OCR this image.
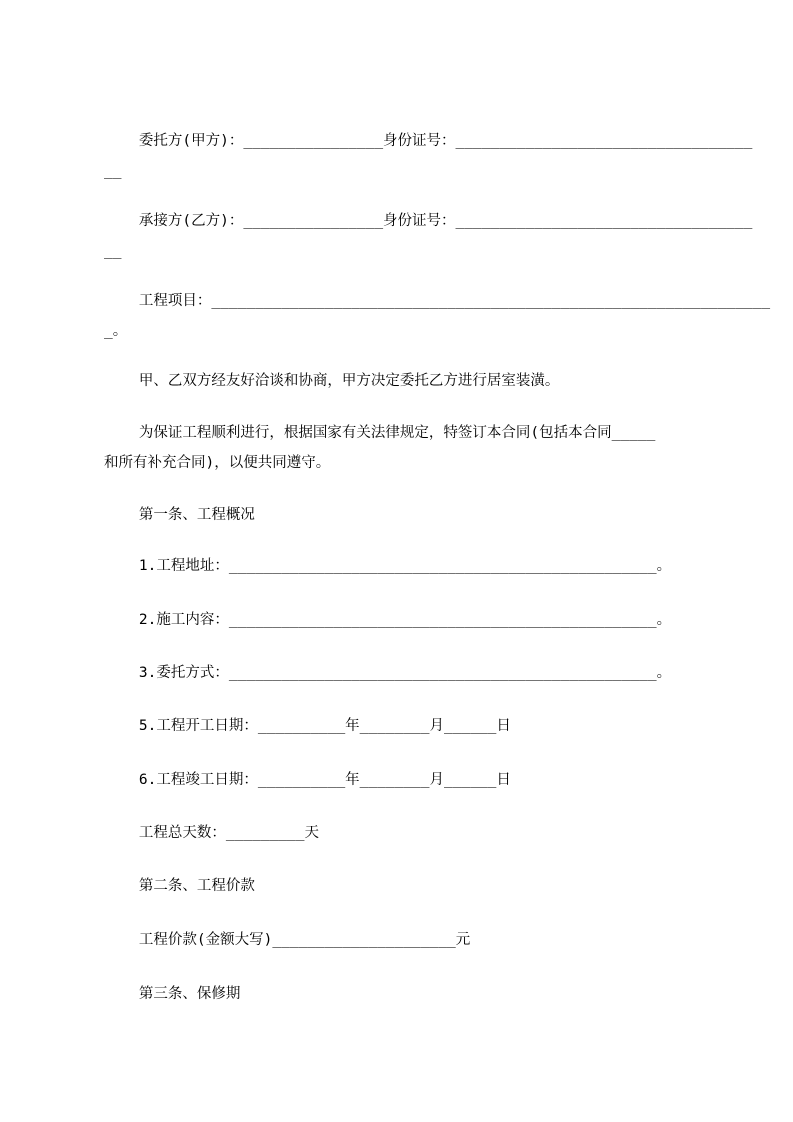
委托方(甲方)：________________身份证号：__________________________________
__
承接方(乙方)：________________身份证号：__________________________________
__
工程项目：________________________________________________________________
_。
甲、乙双方经友好洽谈和协商，甲方决定委托乙方进行居室装潢。
为保证工程顺利进行，根据国家有关法律规定，特签订本合同(包括本合同_____
和所有补充合同)，以便共同遵守。
第一条、工程概况
1.工程地址：_________________________________________________。
2.施工内容：_________________________________________________。
3.委托方式：_________________________________________________。
5.工程开工日期：__________年________月______日
6.工程竣工日期：__________年________月______日
工程总天数：_________天
第二条、工程价款
工程价款(金额大写)_____________________元
第三条、保修期
